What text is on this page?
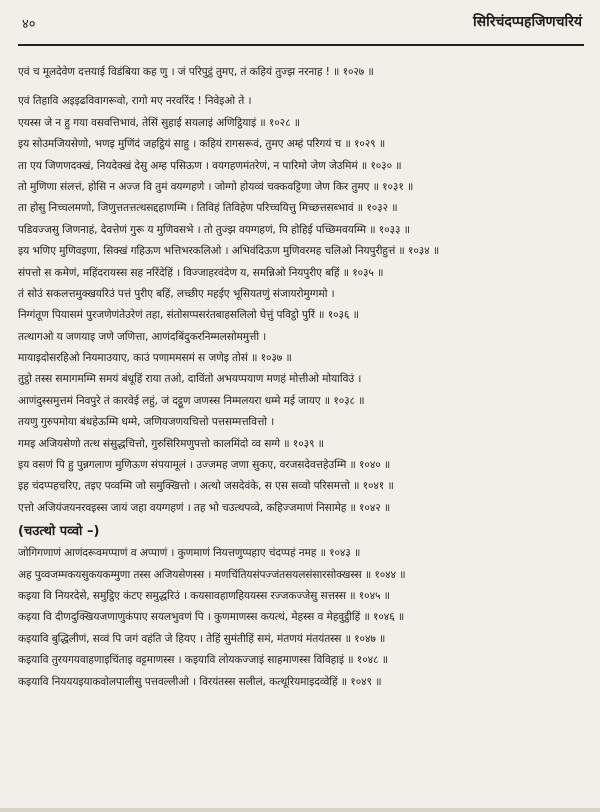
४०	सिरिचंदप्पहजिणचरियं
एवं च मूलदेवेण दत्तयाई विडंबिया कह णु । जं परिपुट्ठं तुमए, तं कहियं तुज्झ नरनाह ! ॥ १०२७ ॥
एवं तिहावि अइइढविवागरूवो, रागो मए नरवरिंद ! निवेइओ ते ।
एयस्स जे न हु गया वसवत्तिभावं, तेसिं सुहाई सयलाइं अणिट्ठियाइं ॥ १०२८ ॥
इय सोउमजियसेणो, भणइ मुणिंदं जहट्ठियं साहु । कहियं रागसरूवं, तुमए अम्हं परिगयं च ॥ १०२९ ॥
ता एय जिणणदक्खं, नियदेक्खं देसु अम्ह पसिऊण । वयगहणमंतरेणं, न पारिमो जेण जेउमिमं ॥ १०३० ॥
तो मुणिणा संलत्तं, होसि न अज्ज वि तुमं वयग्गहणे । जोग्गो होयव्वं चक्कवट्टिणा जेण किर तुमए ॥ १०३१ ॥
ता होसु निच्चलमणो, जिणुत्ततत्तत्थसद्दहाणम्मि । तिविहं तिविहेण परिच्चयित्तु मिच्छत्तसब्भावं ॥ १०३२ ॥
पडिवज्जसु जिणनाहं, देवत्तेणं गुरू य मुणिवसभे । तो तुज्झ वयग्गहणं, पि होहिई पच्छिमवयम्मि ॥ १०३३ ॥
इय भणिए मुणिवइणा, सिक्खं गहिऊण भत्तिभरकलिओ । अभिवंदिऊण मुणिवरमह चलिओ नियपुरीहुत्तं ॥ १०३४ ॥
संपत्तो स कमेणं, महिंदरायस्स सह नरिंदेहिं । विज्जाहरवंदेण य, समन्निओ नियपुरीए बहिं ॥ १०३५ ॥
तं सोउं सकलत्तमुक्खयरिउं पत्तं पुरीए बहिं, लच्छीए महईए भूसियतणुं संजायरोमुग्गमो ।
निग्गंतूण पियासमं पुरजणेणंतेउरेणं तहा, संतोसप्पसरंतबाहसलिलो घेत्तुं पविट्ठो पुरिं ॥ १०३६ ॥
तत्थागओ य जणयाइ जणे जणित्ता, आणंदबिंदुकरनिम्मलसोममुत्ती ।
मायाइदोसरहिओ नियमाउयाए, काउं पणाममसमं स जणेइ तोसं ॥ १०३७ ॥
तुट्ठो तस्स समागमम्मि समयं बंधूहिं राया तओ, दाविंतो अभयप्पयाण मणहं मोत्तीओ मोयाविउं ।
आणंदुस्समुत्तमं निवपुरे तं कारवेई लहुं, जं दट्ठूण जणस्स निम्मलयरा धम्मे मई जायए ॥ १०३८ ॥
तयणु गुरुपमोया बंधहेऊम्मि धम्मे, जणियजणयचित्तो पत्तसम्मत्तवित्तो ।
गमइ अजियसेणो तत्थ संसुद्धचित्तो, गुरुसिरिमणुपत्तो कालमिंदो व्व सग्गे ॥ १०३९ ॥
इय वसणं पि हु पुन्नगलाण मुणिऊण संपयामूलं । उज्जमह जणा सुकए, वरजसदेवत्तहेउम्मि ॥ १०४० ॥
इह चंदप्पहचरिए, तइए पव्वम्मि जो समुक्खित्तो । अत्थो जसदेवंके, स एस सव्वो परिसमत्तो ॥ १०४१ ॥
एत्तो अजियंजयनरवइस्स जायं जहा वयग्गहणं । तह भो चउत्थपव्वे, कहिज्जमाणं निसामेह ॥ १०४२ ॥
(चउत्थो पव्वो –)
जोगिगणाणं आणंदरूवमप्पाणं व अप्पाणं । कुणमाणं नियत्तणुप्पहाए चंदप्पहं नमह ॥ १०४३ ॥
अह पुव्वजम्मकयसुकयकम्मुणा तस्स अजियसेणस्स । मणचिंतियसंपज्जंतसयलसंसारसोक्खस्स ॥ १०४४ ॥
कइया वि नियरदेसे, समुट्ठिए कंटए समुद्धरिउं । कयसावहाणहिययस्स रज्जकज्जेसु सत्तस्स ॥ १०४५ ॥
कइया वि दीणदुक्खियजणाणुकंपाए सयलभुवणं पि । कुणमाणस्स कयत्थं, मेहस्स व मेहवुट्ठीहिं ॥ १०४६ ॥
कइयावि बुद्धिलीणं, सव्वं पि जगं वहंति जे हियए । तेहिं सुमंतीहिं समं, मंतणयं मंतयंतस्स ॥ १०४७ ॥
कइयावि तुरयगयवाहणाइचिंताइ वट्टमाणस्स । कइयावि लोयकज्जाइं साहमाणस्स विविहाइं ॥ १०४८ ॥
कइयावि नियययइयाकवोलपालीसु पत्तवल्लीओ । विरयंतस्स सलीलं, कत्थूरियमाइदव्वेहिं ॥ १०४९ ॥
